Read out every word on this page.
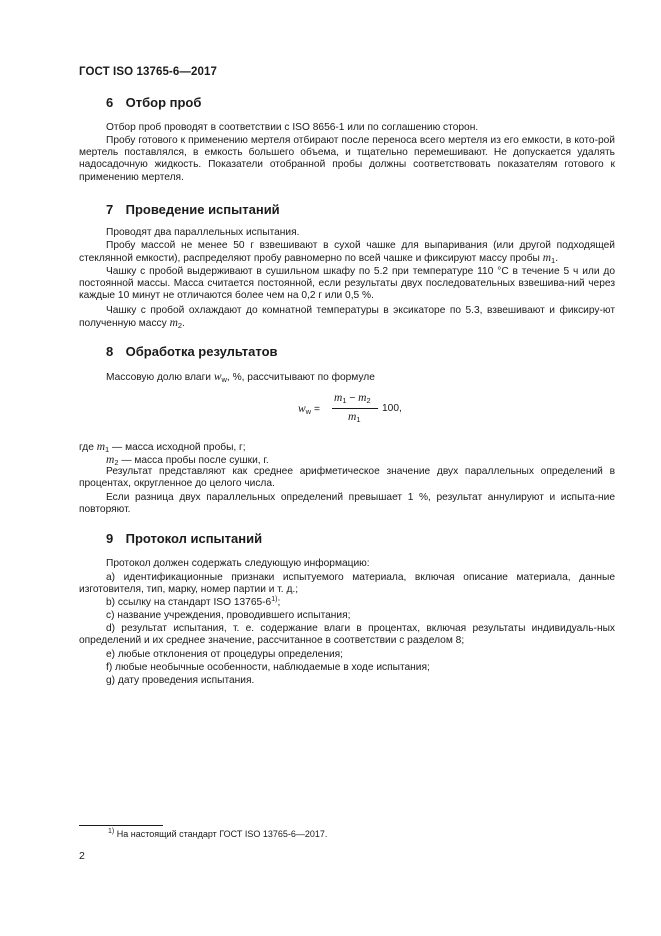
ГОСТ ISO 13765-6—2017
6 Отбор проб
Отбор проб проводят в соответствии с ISO 8656-1 или по соглашению сторон.
Пробу готового к применению мертеля отбирают после переноса всего мертеля из его емкости, в кото-рой мертель поставлялся, в емкость большего объема, и тщательно перемешивают. Не допускается удалять надосадочную жидкость. Показатели отобранной пробы должны соответствовать показателям готового к применению мертеля.
7 Проведение испытаний
Проводят два параллельных испытания.
Пробу массой не менее 50 г взвешивают в сухой чашке для выпаривания (или другой подходящей стеклянной емкости), распределяют пробу равномерно по всей чашке и фиксируют массу пробы $m_1$.
Чашку с пробой выдерживают в сушильном шкафу по 5.2 при температуре 110 °С в течение 5 ч или до постоянной массы. Масса считается постоянной, если результаты двух последовательных взвешива-ний через каждые 10 минут не отличаются более чем на 0,2 г или 0,5 %.
Чашку с пробой охлаждают до комнатной температуры в эксикаторе по 5.3, взвешивают и фиксиру-ют полученную массу $m_2$.
8 Обработка результатов
Массовую долю влаги $w_w$, %, рассчитывают по формуле
$w_w$ =
$m_1 - m_2$
$m_1$
100,
где $m_1$ — масса исходной пробы, г;
$m_2$ — масса пробы после сушки, г.
Результат представляют как среднее арифметическое значение двух параллельных определений в процентах, округленное до целого числа.
Если разница двух параллельных определений превышает 1 %, результат аннулируют и испыта-ние повторяют.
9 Протокол испытаний
Протокол должен содержать следующую информацию:
а) идентификационные признаки испытуемого материала, включая описание материала, данные изготовителя, тип, марку, номер партии и т. д.;
b) ссылку на стандарт ISO 13765-6$^{1)}$;
c) название учреждения, проводившего испытания;
d) результат испытания, т. е. содержание влаги в процентах, включая результаты индивидуаль-ных определений и их среднее значение, рассчитанное в соответствии с разделом 8;
e) любые отклонения от процедуры определения;
f) любые необычные особенности, наблюдаемые в ходе испытания;
g) дату проведения испытания.
$^{1)}$ На настоящий стандарт ГОСТ ISO 13765-6—2017.
2
